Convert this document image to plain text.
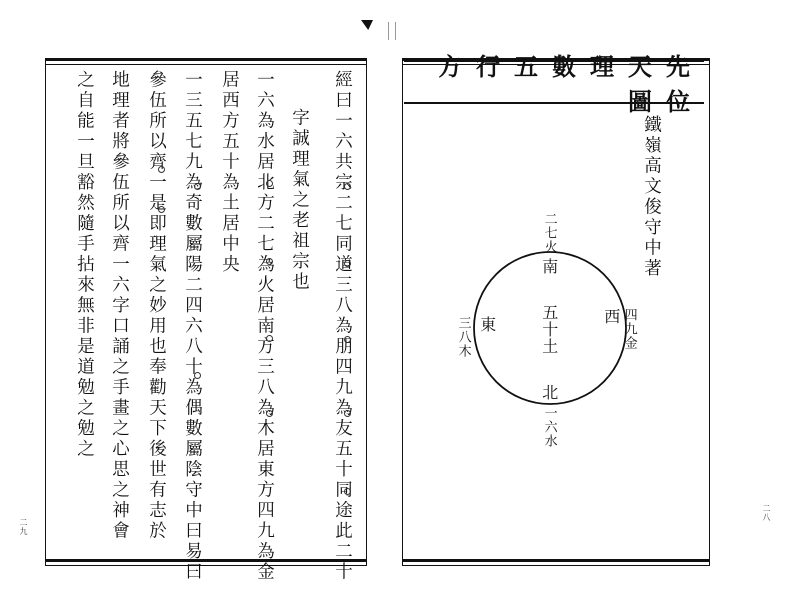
經曰一六共宗二七同道三八為朋四九為友五十同途此二十
字誠理氣之老祖宗也
一六為水居北方二七為火居南方三八為木居東方四九為金
居西方五十為土居中央
一三五七九為奇數屬陽二四六八十為偶數屬陰守中曰易曰
參伍所以齊一是即理氣之妙用也奉勸天下後世有志於
地理者將參伍所以齊一六字口誦之手畫之心思之神會
之自能一旦豁然隨手拈來無非是道勉之勉之
二九
先天理數五行方位圖
鐵嶺高文俊守中著
南
二七火
北
一六水
東
三八木	西 四九金
五十土
二八
